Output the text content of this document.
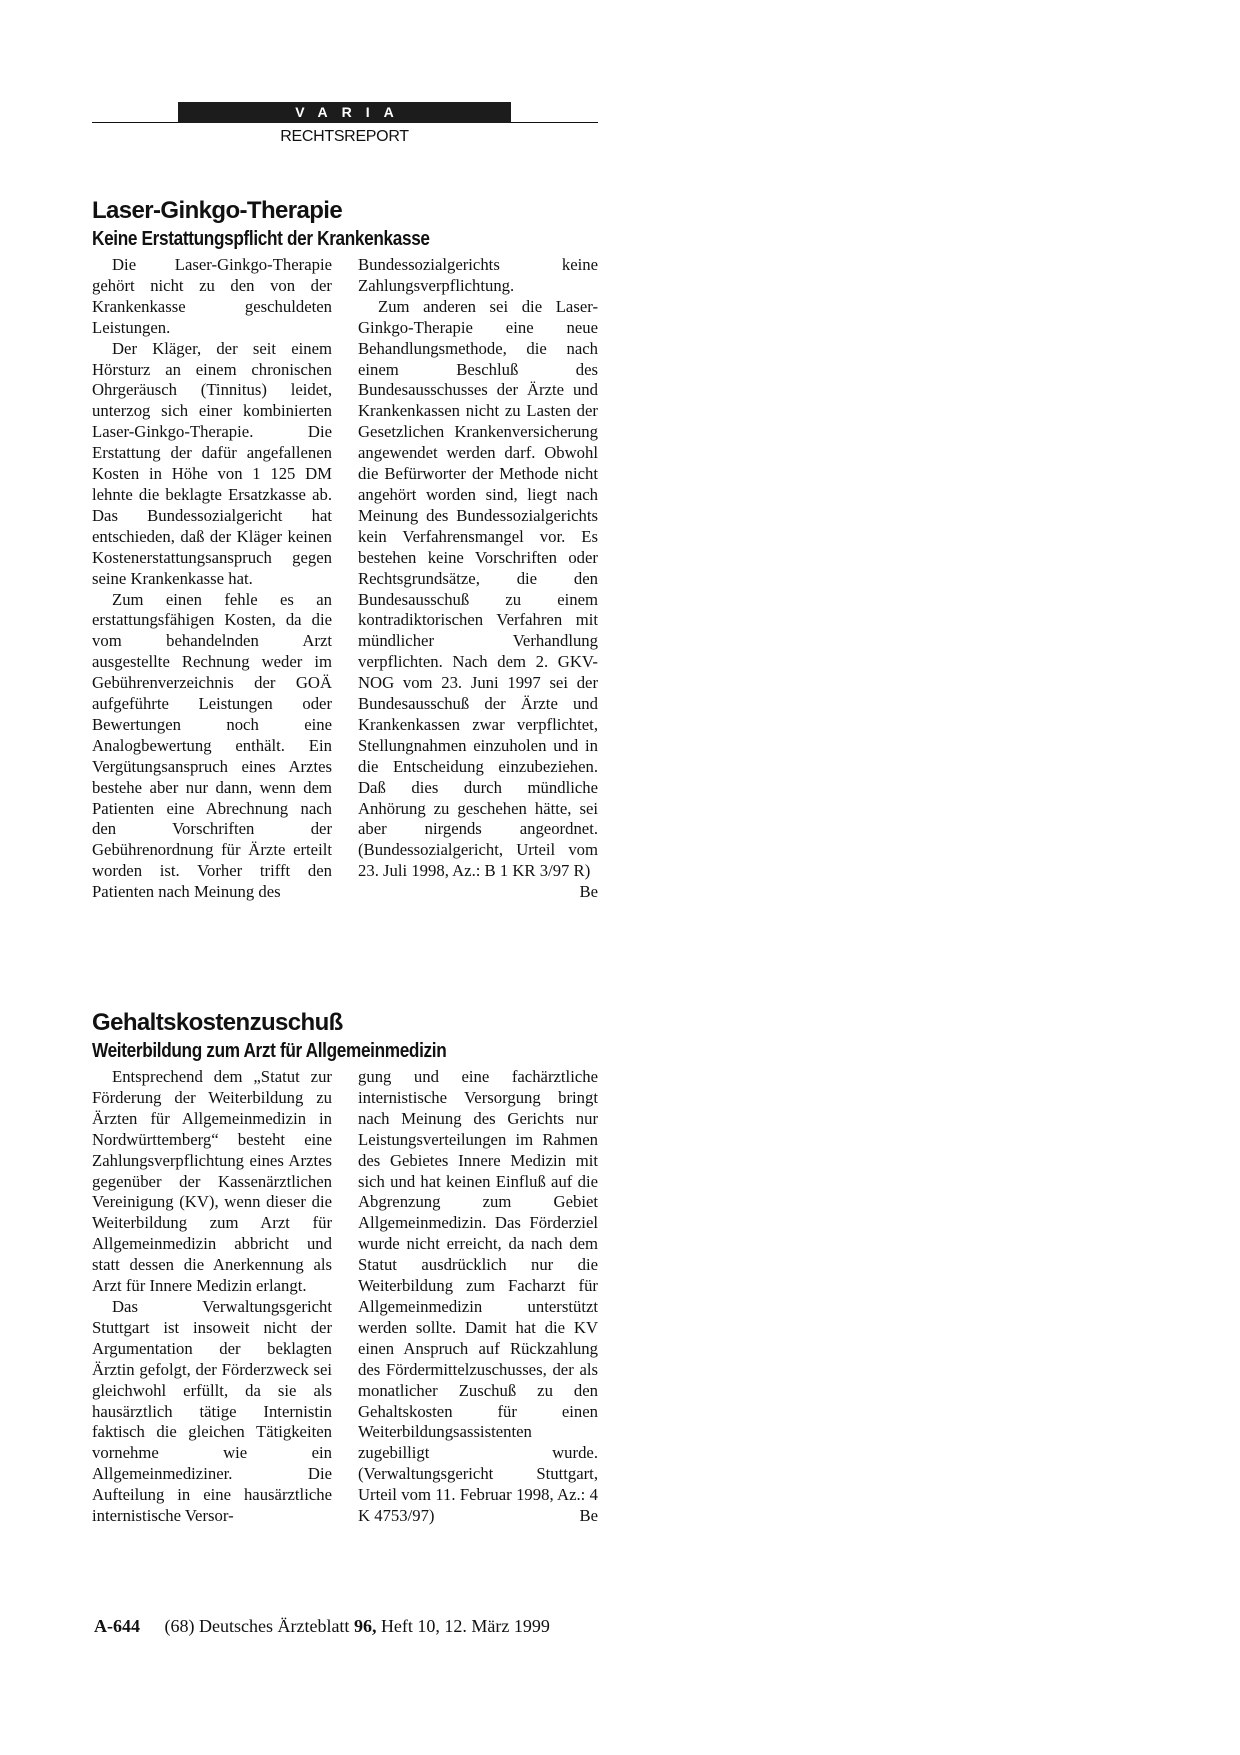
VARIA
RECHTSREPORT
Laser-Ginkgo-Therapie
Keine Erstattungspflicht der Krankenkasse

Die Laser-Ginkgo-Therapie gehört nicht zu den von der Krankenkasse geschuldeten Leistungen.

Der Kläger, der seit einem Hörsturz an einem chronischen Ohrgeräusch (Tinnitus) leidet, unterzog sich einer kombinierten Laser-Ginkgo-Therapie. Die Erstattung der dafür angefallenen Kosten in Höhe von 1 125 DM lehnte die beklagte Ersatzkasse ab. Das Bundessozialgericht hat entschieden, daß der Kläger keinen Kostenerstattungsanspruch gegen seine Krankenkasse hat.

Zum einen fehle es an erstattungsfähigen Kosten, da die vom behandelnden Arzt ausgestellte Rechnung weder im Gebührenverzeichnis der GOÄ aufgeführte Leistungen oder Bewertungen noch eine Analogbewertung enthält. Ein Vergütungsanspruch eines Arztes bestehe aber nur dann, wenn dem Patienten eine Abrechnung nach den Vorschriften der Gebührenordnung für Ärzte erteilt worden ist. Vorher trifft den Patienten nach Meinung des

Bundessozialgerichts keine Zahlungsverpflichtung.

Zum anderen sei die Laser-Ginkgo-Therapie eine neue Behandlungsmethode, die nach einem Beschluß des Bundesausschusses der Ärzte und Krankenkassen nicht zu Lasten der Gesetzlichen Krankenversicherung angewendet werden darf. Obwohl die Befürworter der Methode nicht angehört worden sind, liegt nach Meinung des Bundessozialgerichts kein Verfahrensmangel vor. Es bestehen keine Vorschriften oder Rechtsgrundsätze, die den Bundesausschuß zu einem kontradiktorischen Verfahren mit mündlicher Verhandlung verpflichten. Nach dem 2. GKV-NOG vom 23. Juni 1997 sei der Bundesausschuß der Ärzte und Krankenkassen zwar verpflichtet, Stellungnahmen einzuholen und in die Entscheidung einzubeziehen. Daß dies durch mündliche Anhörung zu geschehen hätte, sei aber nirgends angeordnet. (Bundessozialgericht, Urteil vom 23. Juli 1998, Az.: B 1 KR 3/97 R)
Be

Gehaltskostenzuschuß
Weiterbildung zum Arzt für Allgemeinmedizin

Entsprechend dem „Statut zur Förderung der Weiterbildung zu Ärzten für Allgemeinmedizin in Nordwürttemberg“ besteht eine Zahlungsverpflichtung eines Arztes gegenüber der Kassenärztlichen Vereinigung (KV), wenn dieser die Weiterbildung zum Arzt für Allgemeinmedizin abbricht und statt dessen die Anerkennung als Arzt für Innere Medizin erlangt.

Das Verwaltungsgericht Stuttgart ist insoweit nicht der Argumentation der beklagten Ärztin gefolgt, der Förderzweck sei gleichwohl erfüllt, da sie als hausärztlich tätige Internistin faktisch die gleichen Tätigkeiten vornehme wie ein Allgemeinmediziner. Die Aufteilung in eine hausärztliche internistische Versor-

gung und eine fachärztliche internistische Versorgung bringt nach Meinung des Gerichts nur Leistungsverteilungen im Rahmen des Gebietes Innere Medizin mit sich und hat keinen Einfluß auf die Abgrenzung zum Gebiet Allgemeinmedizin. Das Förderziel wurde nicht erreicht, da nach dem Statut ausdrücklich nur die Weiterbildung zum Facharzt für Allgemeinmedizin unterstützt werden sollte. Damit hat die KV einen Anspruch auf Rückzahlung des Fördermittelzuschusses, der als monatlicher Zuschuß zu den Gehaltskosten für einen Weiterbildungsassistenten zugebilligt wurde. (Verwaltungsgericht Stuttgart, Urteil vom 11. Februar 1998, Az.: 4 K 4753/97)	Be

A-644 (68) Deutsches Ärzteblatt 96, Heft 10, 12. März 1999
